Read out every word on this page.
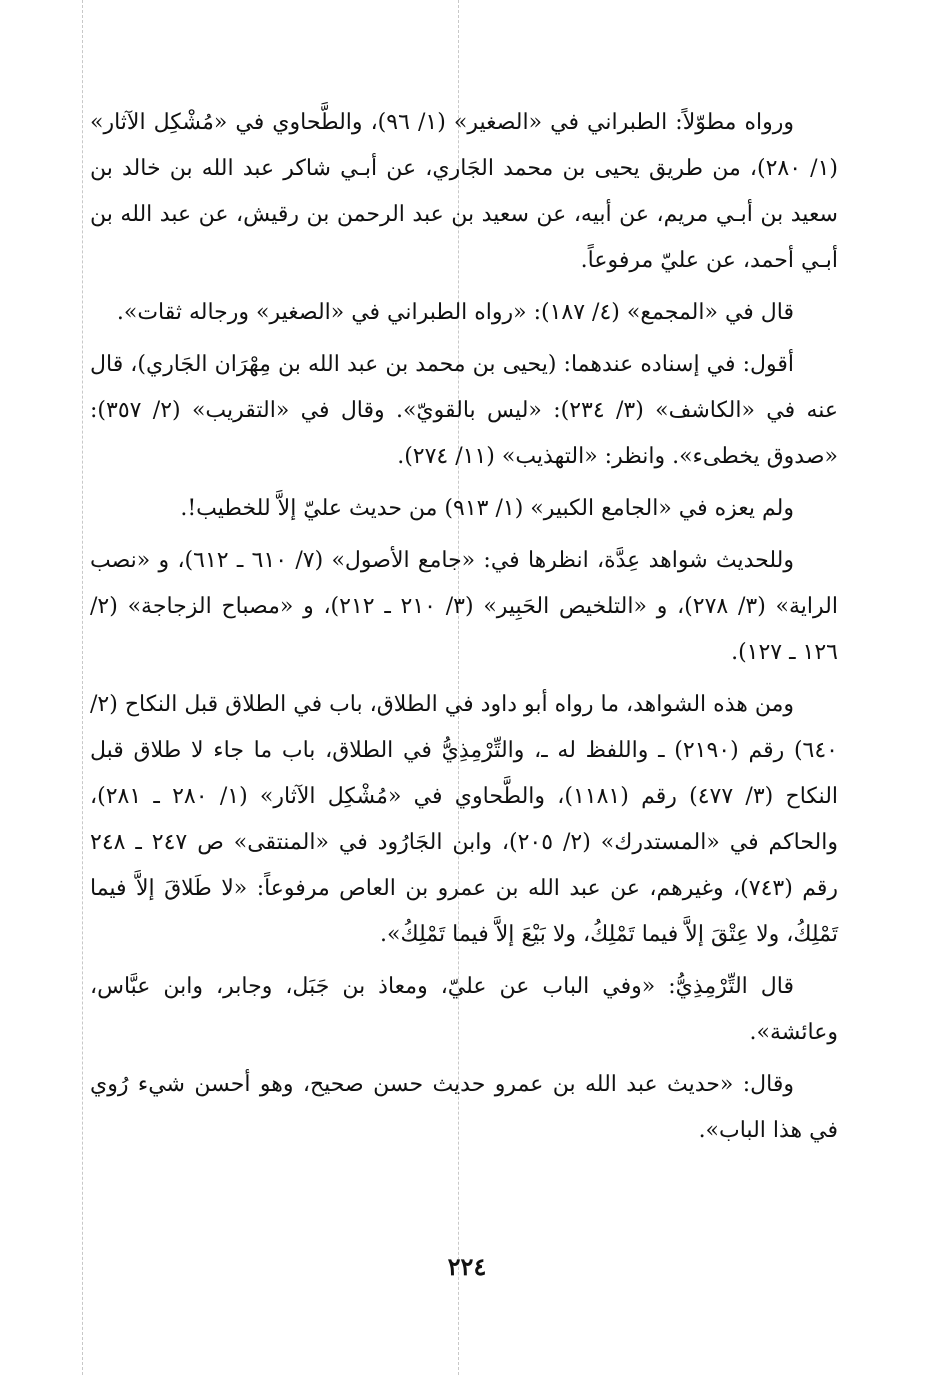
ورواه مطوّلاً: الطبراني في «الصغير» (١/ ٩٦)، والطَّحاوي في «مُشْكِل الآثار» (١/ ٢٨٠)، من طريق يحيى بن محمد الجَاري، عن أبـي شاكر عبد الله بن خالد بن سعيد بن أبـي مريم، عن أبيه، عن سعيد بن عبد الرحمن بن رقيش، عن عبد الله بن أبـي أحمد، عن عليّ مرفوعاً.

قال في «المجمع» (٤/ ١٨٧): «رواه الطبراني في «الصغير» ورجاله ثقات».

أقول: في إسناده عندهما: (يحيى بن محمد بن عبد الله بن مِهْرَان الجَاري)، قال عنه في «الكاشف» (٣/ ٢٣٤): «ليس بالقويّ». وقال في «التقريب» (٢/ ٣٥٧): «صدوق يخطىء». وانظر: «التهذيب» (١١/ ٢٧٤).

ولم يعزه في «الجامع الكبير» (١/ ٩١٣) من حديث عليّ إلاَّ للخطيب!.

وللحديث شواهد عِدَّة، انظرها في: «جامع الأصول» (٧/ ٦١٠ ـ ٦١٢)، و «نصب الراية» (٣/ ٢٧٨)، و «التلخيص الحَبِير» (٣/ ٢١٠ ـ ٢١٢)، و «مصباح الزجاجة» (٢/ ١٢٦ ـ ١٢٧).

ومن هذه الشواهد، ما رواه أبو داود في الطلاق، باب في الطلاق قبل النكاح (٢/ ٦٤٠) رقم (٢١٩٠) ـ واللفظ له ـ، والتِّرْمِذِيُّ في الطلاق، باب ما جاء لا طلاق قبل النكاح (٣/ ٤٧٧) رقم (١١٨١)، والطَّحاوي في «مُشْكِل الآثار» (١/ ٢٨٠ ـ ٢٨١)، والحاكم في «المستدرك» (٢/ ٢٠٥)، وابن الجَارُود في «المنتقى» ص ٢٤٧ ـ ٢٤٨ رقم (٧٤٣)، وغيرهم، عن عبد الله بن عمرو بن العاص مرفوعاً: «لا طَلاقَ إلاَّ فيما تَمْلِكُ، ولا عِتْقَ إلاَّ فيما تَمْلِكُ، ولا بَيْعَ إلاَّ فيما تَمْلِكُ».

قال التِّرْمِذِيُّ: «وفي الباب عن عليّ، ومعاذ بن جَبَل، وجابر، وابن عبَّاس، وعائشة».

وقال: «حديث عبد الله بن عمرو حديث حسن صحيح، وهو أحسن شيء رُوي في هذا الباب».

٢٢٤
